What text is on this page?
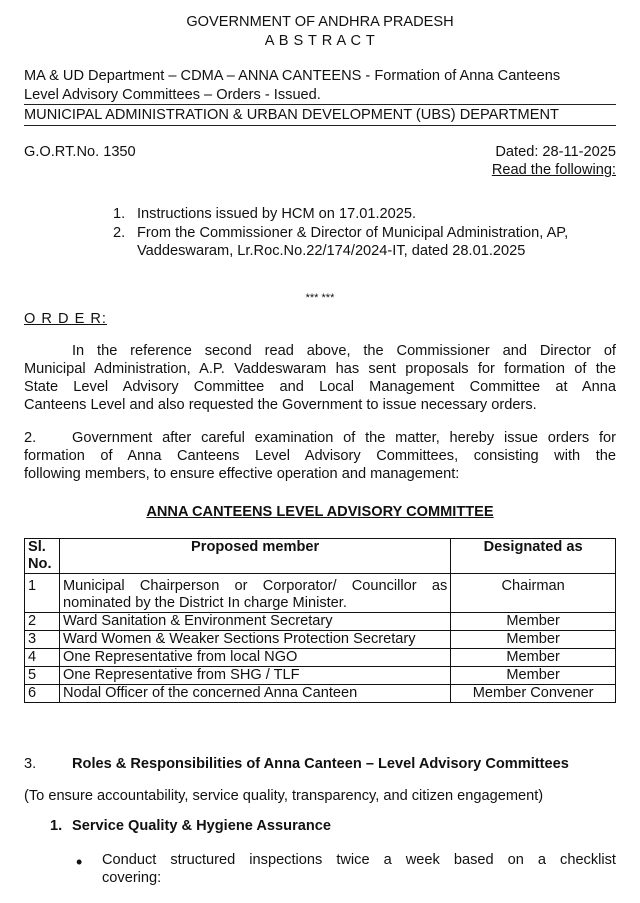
GOVERNMENT OF ANDHRA PRADESH
A B S T R A C T
MA & UD Department – CDMA – ANNA CANTEENS - Formation of Anna Canteens
Level Advisory Committees – Orders - Issued.
MUNICIPAL ADMINISTRATION & URBAN DEVELOPMENT (UBS) DEPARTMENT
G.O.RT.No. 1350	Dated: 28-11-2025
Read the following:
1. Instructions issued by HCM on 17.01.2025.
2. From the Commissioner & Director of Municipal Administration, AP,
Vaddeswaram, Lr.Roc.No.22/174/2024-IT, dated 28.01.2025
*** ***
O R D E R:
In the reference second read above, the Commissioner and Director of
Municipal Administration, A.P. Vaddeswaram has sent proposals for formation of the
State Level Advisory Committee and Local Management Committee at Anna
Canteens Level and also requested the Government to issue necessary orders.
2. Government after careful examination of the matter, hereby issue orders for
formation of Anna Canteens Level Advisory Committees, consisting with the
following members, to ensure effective operation and management:
ANNA CANTEENS LEVEL ADVISORY COMMITTEE
Sl.
No.	Proposed member	Designated as
1	Municipal Chairperson or Corporator/ Councillor as nominated by the District In charge Minister.	Chairman
2	Ward Sanitation & Environment Secretary	Member
3	Ward Women & Weaker Sections Protection Secretary	Member
4	One Representative from local NGO	Member
5	One Representative from SHG / TLF	Member
6	Nodal Officer of the concerned Anna Canteen	Member Convener
3. Roles & Responsibilities of Anna Canteen – Level Advisory Committees
(To ensure accountability, service quality, transparency, and citizen engagement)
1. Service Quality & Hygiene Assurance
• Conduct structured inspections twice a week based on a checklist
covering:
